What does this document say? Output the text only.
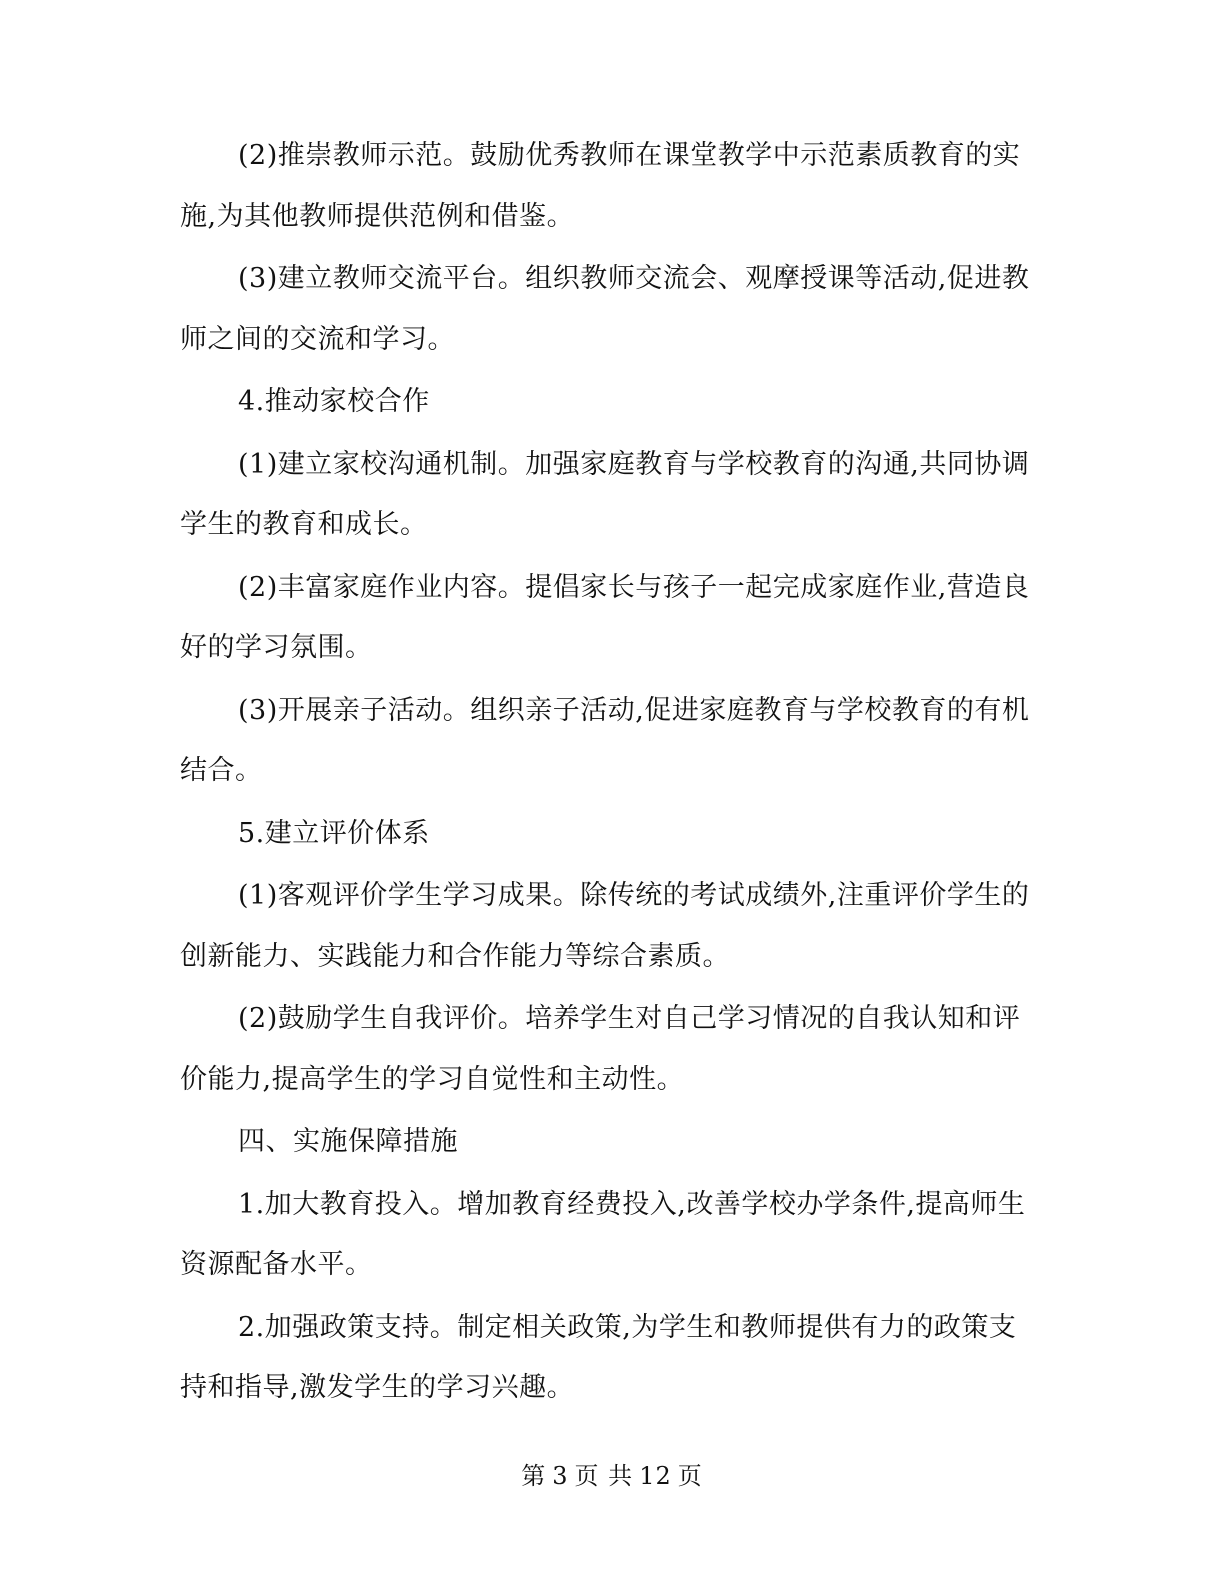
(2)推崇教师示范。鼓励优秀教师在课堂教学中示范素质教育的实施,为其他教师提供范例和借鉴。

(3)建立教师交流平台。组织教师交流会、观摩授课等活动,促进教师之间的交流和学习。

4.推动家校合作

(1)建立家校沟通机制。加强家庭教育与学校教育的沟通,共同协调学生的教育和成长。

(2)丰富家庭作业内容。提倡家长与孩子一起完成家庭作业,营造良好的学习氛围。

(3)开展亲子活动。组织亲子活动,促进家庭教育与学校教育的有机结合。

5.建立评价体系

(1)客观评价学生学习成果。除传统的考试成绩外,注重评价学生的创新能力、实践能力和合作能力等综合素质。

(2)鼓励学生自我评价。培养学生对自己学习情况的自我认知和评价能力,提高学生的学习自觉性和主动性。

四、实施保障措施

1.加大教育投入。增加教育经费投入,改善学校办学条件,提高师生资源配备水平。

2.加强政策支持。制定相关政策,为学生和教师提供有力的政策支持和指导,激发学生的学习兴趣。

第 3 页 共 12 页
